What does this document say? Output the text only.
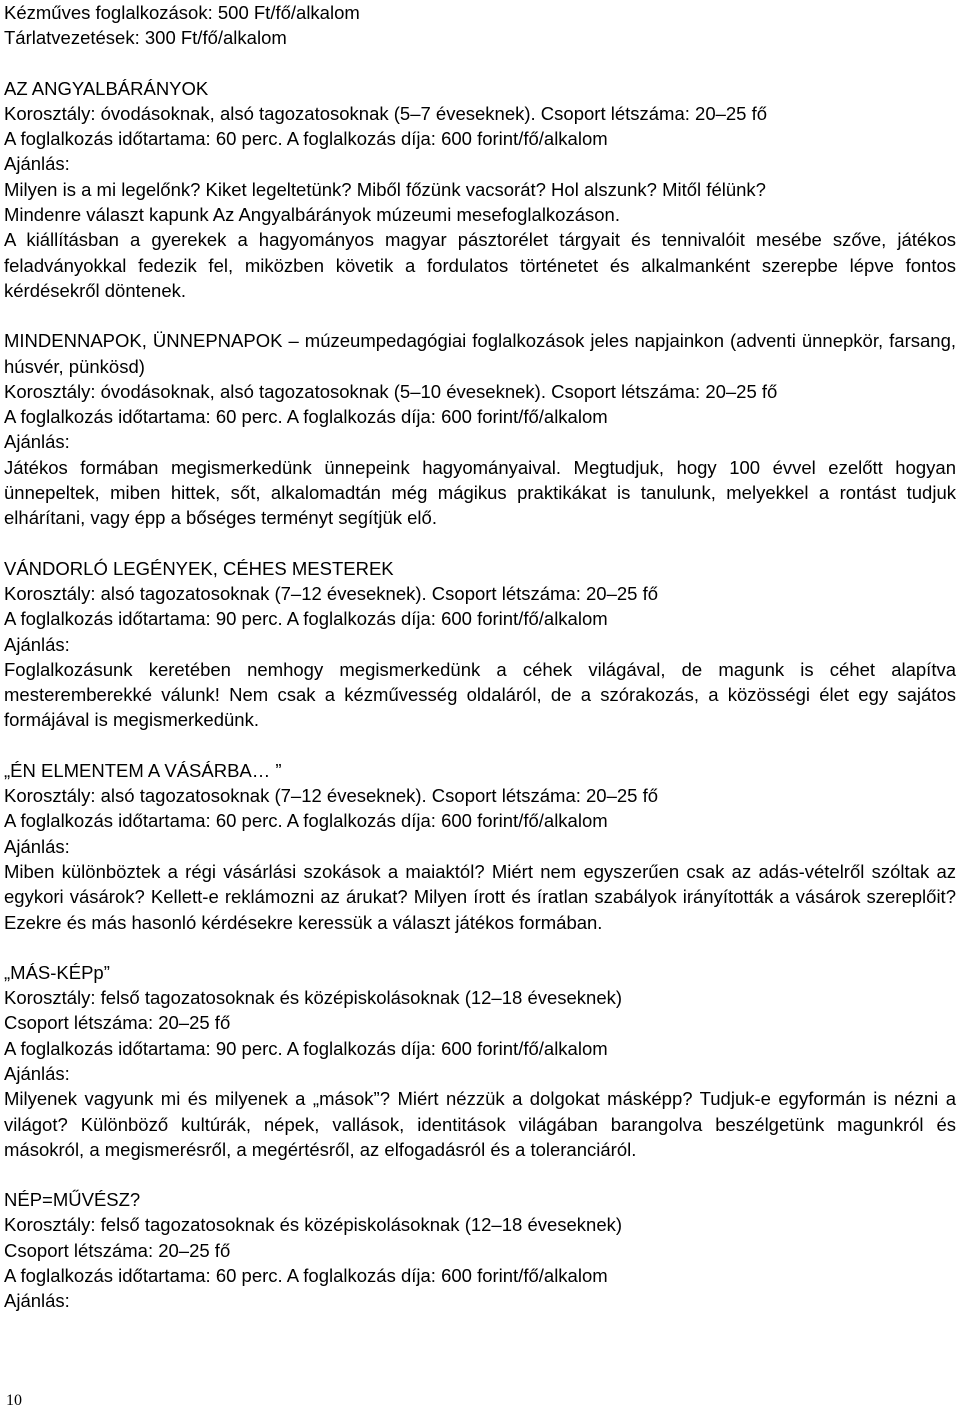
Kézműves foglalkozások: 500 Ft/fő/alkalom
Tárlatvezetések: 300 Ft/fő/alkalom
AZ ANGYALBÁRÁNYOK
Korosztály: óvodásoknak, alsó tagozatosoknak (5–7 éveseknek). Csoport létszáma: 20–25 fő
A foglalkozás időtartama: 60 perc. A foglalkozás díja: 600 forint/fő/alkalom
Ajánlás:
Milyen is a mi legelőnk? Kiket legeltetünk? Miből főzünk vacsorát? Hol alszunk? Mitől félünk?
Mindenre választ kapunk Az Angyalbárányok múzeumi mesefoglalkozáson.
A kiállításban a gyerekek a hagyományos magyar pásztorélet tárgyait és tennivalóit mesébe szőve, játékos feladványokkal fedezik fel, miközben követik a fordulatos történetet és alkalmanként szerepbe lépve fontos kérdésekről döntenek.
MINDENNAPOK, ÜNNEPNAPOK – múzeumpedagógiai foglalkozások jeles napjainkon (adventi ünnepkör, farsang, húsvér, pünkösd)
Korosztály: óvodásoknak, alsó tagozatosoknak (5–10 éveseknek). Csoport létszáma: 20–25 fő
A foglalkozás időtartama: 60 perc. A foglalkozás díja: 600 forint/fő/alkalom
Ajánlás:
Játékos formában megismerkedünk ünnepeink hagyományaival. Megtudjuk, hogy 100 évvel ezelőtt hogyan ünnepeltek, miben hittek, sőt, alkalomadtán még mágikus praktikákat is tanulunk, melyekkel a rontást tudjuk elhárítani, vagy épp a bőséges terményt segítjük elő.
VÁNDORLÓ LEGÉNYEK, CÉHES MESTEREK
Korosztály: alsó tagozatosoknak (7–12 éveseknek). Csoport létszáma: 20–25 fő
A foglalkozás időtartama: 90 perc. A foglalkozás díja: 600 forint/fő/alkalom
Ajánlás:
Foglalkozásunk keretében nemhogy megismerkedünk a céhek világával, de magunk is céhet alapítva mesteremberekké válunk! Nem csak a kézművesség oldaláról, de a szórakozás, a közösségi élet egy sajátos formájával is megismerkedünk.
„ÉN ELMENTEM A VÁSÁRBA… ”
Korosztály: alsó tagozatosoknak (7–12 éveseknek). Csoport létszáma: 20–25 fő
A foglalkozás időtartama: 60 perc. A foglalkozás díja: 600 forint/fő/alkalom
Ajánlás:
Miben különböztek a régi vásárlási szokások a maiaktól? Miért nem egyszerűen csak az adás-vételről szóltak az egykori vásárok? Kellett-e reklámozni az árukat? Milyen írott és íratlan szabályok irányították a vásárok szereplőit? Ezekre és más hasonló kérdésekre keressük a választ játékos formában.
„MÁS-KÉPp”
Korosztály: felső tagozatosoknak és középiskolásoknak (12–18 éveseknek)
Csoport létszáma: 20–25 fő
A foglalkozás időtartama: 90 perc. A foglalkozás díja: 600 forint/fő/alkalom
Ajánlás:
Milyenek vagyunk mi és milyenek a „mások”? Miért nézzük a dolgokat másképp? Tudjuk-e egyformán is nézni a világot? Különböző kultúrák, népek, vallások, identitások világában barangolva beszélgetünk magunkról és másokról, a megismerésről, a megértésről, az elfogadásról és a toleranciáról.
NÉP=MŰVÉSZ?
Korosztály: felső tagozatosoknak és középiskolásoknak (12–18 éveseknek)
Csoport létszáma: 20–25 fő
A foglalkozás időtartama: 60 perc. A foglalkozás díja: 600 forint/fő/alkalom
Ajánlás:
10
